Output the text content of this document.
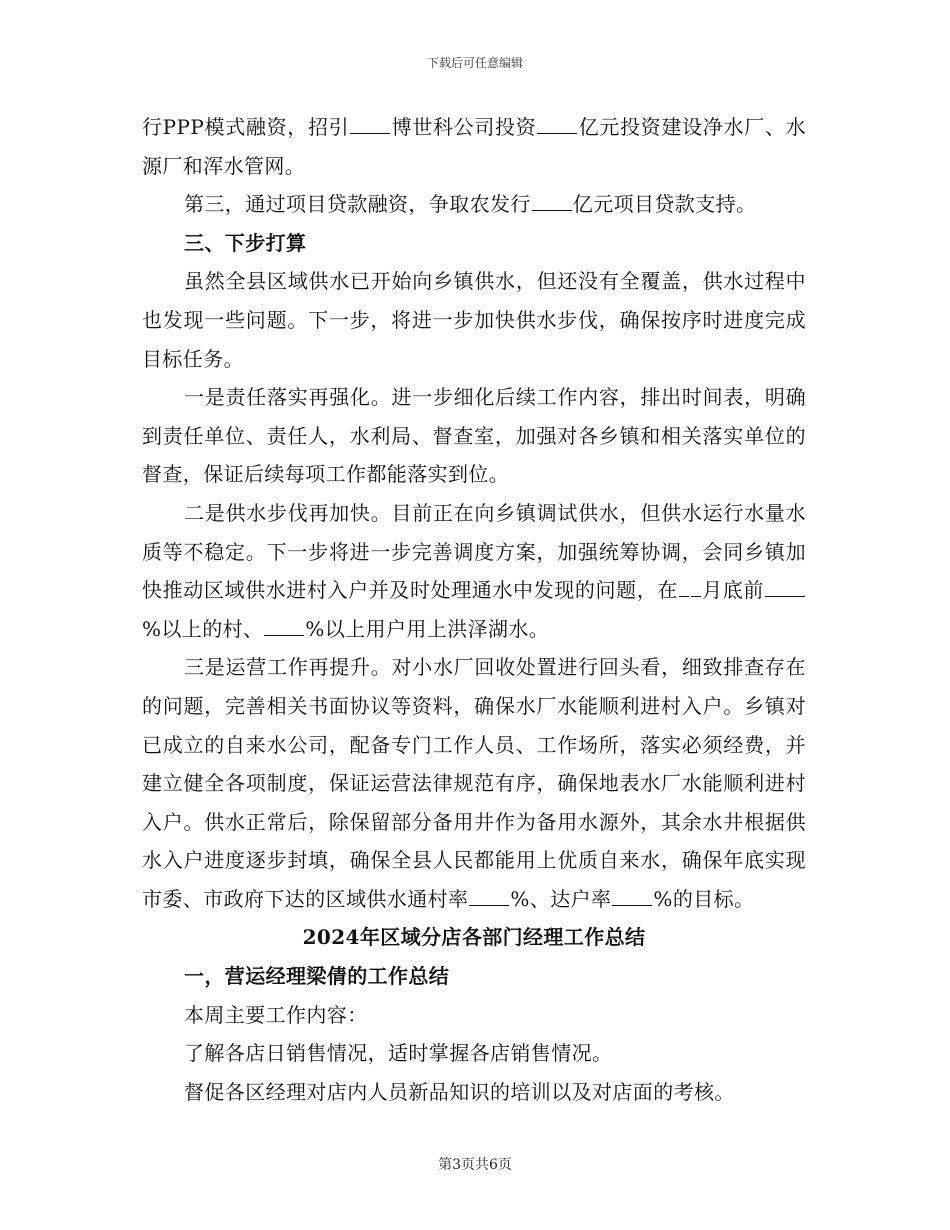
下载后可任意编辑

行PPP模式融资，招引 博世科公司投资 亿元投资建设净水厂、水源厂和浑水管网。

第三，通过项目贷款融资，争取农发行 亿元项目贷款支持。

三、下步打算

虽然全县区域供水已开始向乡镇供水，但还没有全覆盖，供水过程中也发现一些问题。下一步，将进一步加快供水步伐，确保按序时进度完成目标任务。

一是责任落实再强化。进一步细化后续工作内容，排出时间表，明确到责任单位、责任人，水利局、督查室，加强对各乡镇和相关落实单位的督查，保证后续每项工作都能落实到位。

二是供水步伐再加快。目前正在向乡镇调试供水，但供水运行水量水质等不稳定。下一步将进一步完善调度方案，加强统筹协调，会同乡镇加快推动区域供水进村入户并及时处理通水中发现的问题，在 月底前%以上的村、 %以上用户用上洪泽湖水。

三是运营工作再提升。对小水厂回收处置进行回头看，细致排查存在的问题，完善相关书面协议等资料，确保水厂水能顺利进村入户。乡镇对已成立的自来水公司，配备专门工作人员、工作场所，落实必须经费，并建立健全各项制度，保证运营法律规范有序，确保地表水厂水能顺利进村入户。供水正常后，除保留部分备用井作为备用水源外，其余水井根据供水入户进度逐步封填，确保全县人民都能用上优质自来水，确保年底实现市委、市政府下达的区域供水通村率 %、达户率 %的目标。

2024年区域分店各部门经理工作总结

一，营运经理梁倩的工作总结

本周主要工作内容：

了解各店日销售情况，适时掌握各店销售情况。

督促各区经理对店内人员新品知识的培训以及对店面的考核。

第3页共6页
